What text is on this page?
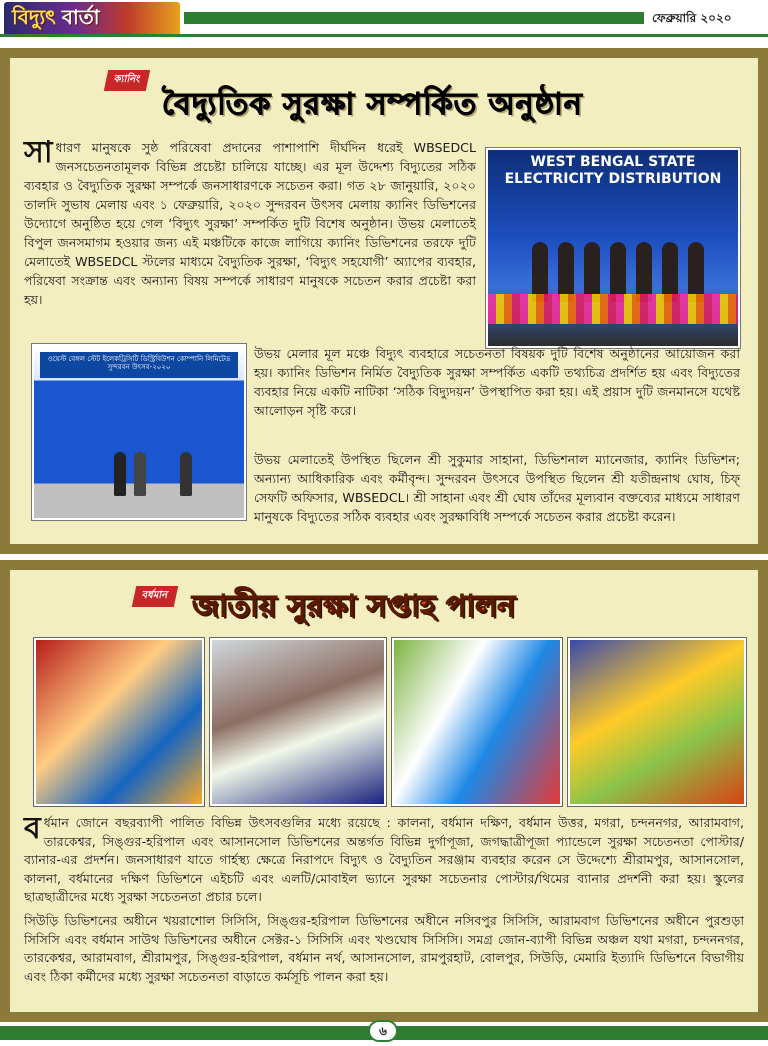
বিদ্যুৎ বার্তা	ফেব্রুয়ারি ২০২০
ক্যানিং
বৈদ্যুতিক সুরক্ষা সম্পর্কিত অনুষ্ঠান
সাধারণ মানুষকে সুষ্ঠ পরিষেবা প্রদানের পাশাপাশি দীর্ঘদিন ধরেই WBSEDCL জনসচেতনতামূলক বিভিন্ন প্রচেষ্টা চালিয়ে যাচ্ছে। এর মূল উদ্দেশ্য বিদ্যুতের সঠিক ব্যবহার ও বৈদ্যুতিক সুরক্ষা সম্পর্কে জনসাধারণকে সচেতন করা। গত ২৮ জানুয়ারি, ২০২০ তালদি সুভাষ মেলায় এবং ১ ফেব্রুয়ারি, ২০২০ সুন্দরবন উৎসব মেলায় ক্যানিং ডিভিশনের উদ্যোগে অনুষ্ঠিত হয়ে গেল ‘বিদ্যুৎ সুরক্ষা’ সম্পর্কিত দুটি বিশেষ অনুষ্ঠান। উভয় মেলাতেই বিপুল জনসমাগম হওয়ার জন্য এই মঞ্চটিকে কাজে লাগিয়ে ক্যানিং ডিভিশনের তরফে দুটি মেলাতেই WBSEDCL স্টলের মাধ্যমে বৈদ্যুতিক সুরক্ষা, ‘বিদ্যুৎ সহযোগী’ অ্যাপের ব্যবহার, পরিষেবা সংক্রান্ত এবং অন্যান্য বিষয় সম্পর্কে সাধারণ মানুষকে সচেতন করার প্রচেষ্টা করা হয়।
WEST BENGAL STATE ELECTRICITY DISTRIBUTION
ওয়েস্ট বেঙ্গল স্টেট ইলেকট্রিসিটি ডিস্ট্রিবিউশন কোম্পানি লিমিটেড
সুন্দরবন উৎসব-২০২০
উভয় মেলার মূল মঞ্চে বিদ্যুৎ ব্যবহারে সচেতনতা বিষয়ক দুটি বিশেষ অনুষ্ঠানের আয়োজন করা হয়। ক্যানিং ডিভিশন নির্মিত বৈদ্যুতিক সুরক্ষা সম্পর্কিত একটি তথ্যচিত্র প্রদর্শিত হয় এবং বিদ্যুতের ব্যবহার নিয়ে একটি নাটিকা ‘সঠিক বিদ্যুদয়ন’ উপস্থাপিত করা হয়। এই প্রয়াস দুটি জনমানসে যথেষ্ট আলোড়ন সৃষ্টি করে।
উভয় মেলাতেই উপস্থিত ছিলেন শ্রী সুকুমার সাহানা, ডিভিশনাল ম্যানেজার, ক্যানিং ডিভিশন; অন্যান্য আধিকারিক এবং কর্মীবৃন্দ। সুন্দরবন উৎসবে উপস্থিত ছিলেন শ্রী যতীন্দ্রনাথ ঘোষ, চিফ্ সেফটি অফিসার, WBSEDCL। শ্রী সাহানা এবং শ্রী ঘোষ তাঁদের মূল্যবান বক্তব্যের মাধ্যমে সাধারণ মানুষকে বিদ্যুতের সঠিক ব্যবহার এবং সুরক্ষাবিধি সম্পর্কে সচেতন করার প্রচেষ্টা করেন।
বর্ধমান জাতীয় সুরক্ষা সপ্তাহ পালন
বর্ধমান জোনে বছরব্যাপী পালিত বিভিন্ন উৎসবগুলির মধ্যে রয়েছে : কালনা, বর্ধমান দক্ষিণ, বর্ধমান উত্তর, মগরা, চন্দননগর, আরামবাগ, তারকেশ্বর, সিঙ্গুর-হরিপাল এবং আসানসোল ডিভিশনের অন্তর্গত বিভিন্ন দুর্গাপূজা, জগদ্ধাত্রীপূজা প্যান্ডেলে সুরক্ষা সচেতনতা পোস্টার/ব্যানার-এর প্রদর্শন। জনসাধারণ যাতে গার্হস্থ্য ক্ষেত্রে নিরাপদে বিদ্যুৎ ও বৈদ্যুতিন সরঞ্জাম ব্যবহার করেন সে উদ্দেশ্যে শ্রীরামপুর, আসানসোল, কালনা, বর্ধমানের দক্ষিণ ডিভিশনে এইচটি এবং এলটি/মোবাইল ভ্যানে সুরক্ষা সচেতনার পোস্টার/থিমের ব্যানার প্রদর্শনী করা হয়। স্কুলের ছাত্রছাত্রীদের মধ্যে সুরক্ষা সচেতনতা প্রচার চলে।
সিউড়ি ডিভিশনের অধীনে খয়রাশোল সিসিসি, সিঙ্গুর-হরিপাল ডিভিশনের অধীনে নসিবপুর সিসিসি, আরামবাগ ডিভিশনের অধীনে পুরশুড়া সিসিসি এবং বর্ধমান সাউথ ডিভিশনের অধীনে সেক্টর-১ সিসিসি এবং খণ্ডঘোষ সিসিসি। সমগ্র জোন-ব্যাপী বিভিন্ন অঞ্চল যথা মগরা, চন্দননগর, তারকেশ্বর, আরামবাগ, শ্রীরামপুর, সিঙ্গুর-হরিপাল, বর্ধমান নর্থ, আসানসোল, রামপুরহাট, বোলপুর, সিউড়ি, মেমারি ইত্যাদি ডিভিশনে বিভাগীয় এবং ঠিকা কর্মীদের মধ্যে সুরক্ষা সচেতনতা বাড়াতে কর্মসূচি পালন করা হয়।
৬
